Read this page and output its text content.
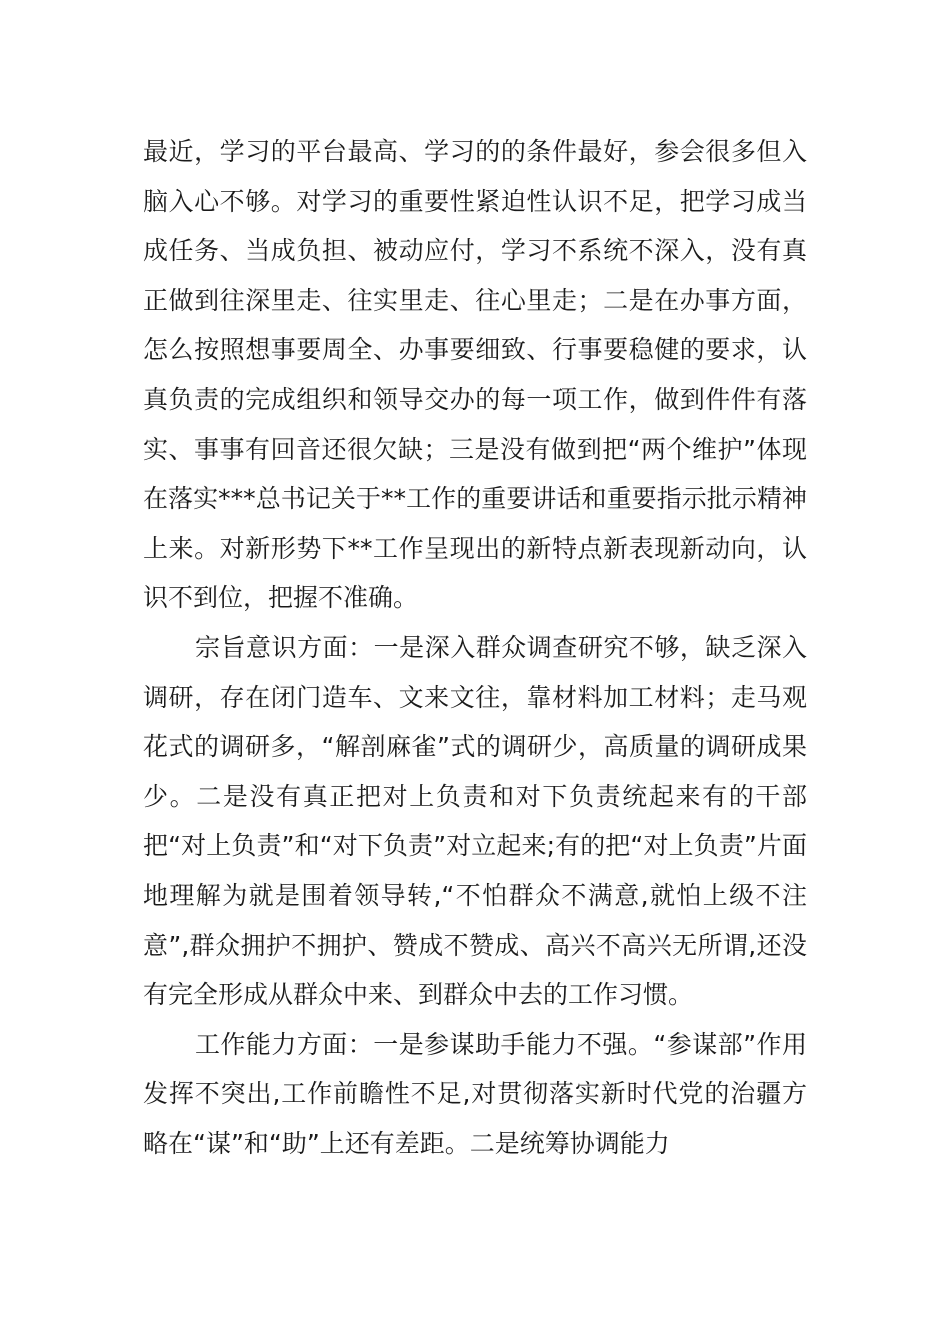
最近，学习的平台最高、学习的的条件最好，参会很多但入脑入心不够。对学习的重要性紧迫性认识不足，把学习成当成任务、当成负担、被动应付，学习不系统不深入，没有真正做到往深里走、往实里走、往心里走；二是在办事方面，怎么按照想事要周全、办事要细致、行事要稳健的要求，认真负责的完成组织和领导交办的每一项工作，做到件件有落实、事事有回音还很欠缺；三是没有做到把“两个维护”体现在落实***总书记关于**工作的重要讲话和重要指示批示精神上来。对新形势下**工作呈现出的新特点新表现新动向，认识不到位，把握不准确。

宗旨意识方面：一是深入群众调查研究不够，缺乏深入调研，存在闭门造车、文来文往，靠材料加工材料；走马观花式的调研多，“解剖麻雀”式的调研少，高质量的调研成果少。二是没有真正把对上负责和对下负责统起来有的干部把“对上负责”和“对下负责”对立起来;有的把“对上负责”片面地理解为就是围着领导转,“不怕群众不满意,就怕上级不注意”,群众拥护不拥护、赞成不赞成、高兴不高兴无所谓,还没有完全形成从群众中来、到群众中去的工作习惯。

工作能力方面：一是参谋助手能力不强。“参谋部”作用发挥不突出,工作前瞻性不足,对贯彻落实新时代党的治疆方略在“谋”和“助”上还有差距。二是统筹协调能力
